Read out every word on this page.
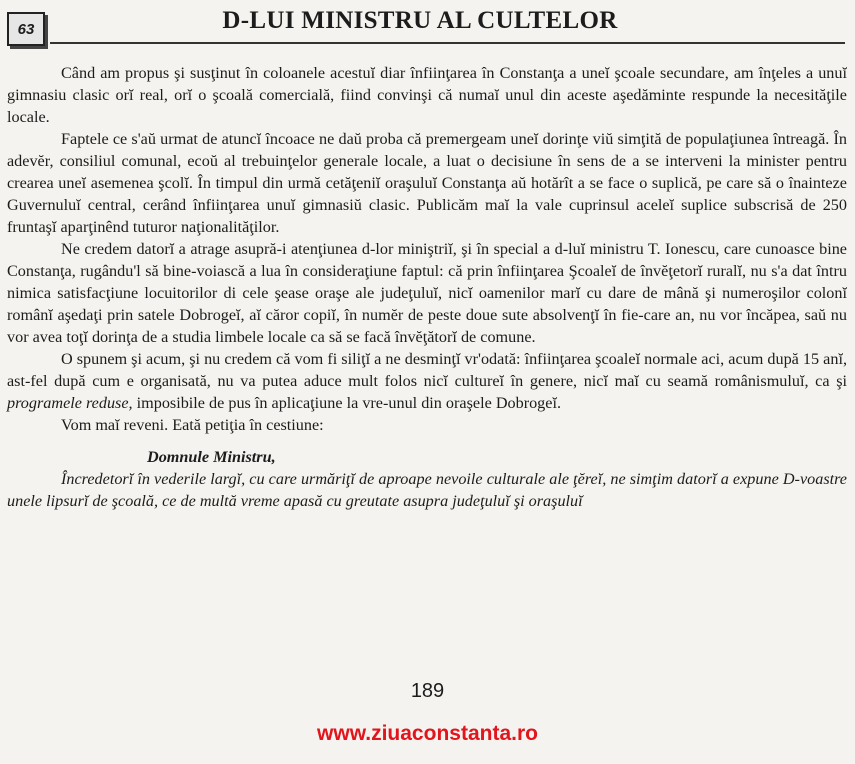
63	D-LUI MINISTRU AL CULTELOR

Când am propus şi susţinut în coloanele acestuĭ diar înfiinţarea în Constanţa a uneĭ şcoale secundare, am înţeles a unuĭ gimnasiu clasic orĭ real, orĭ o şcoală comercială, fiind convinşi că numaĭ unul din aceste aşedăminte respunde la necesităţile locale.

Faptele ce s'aŭ urmat de atuncĭ încoace ne daŭ proba că premergeam uneĭ dorinţe viŭ simţită de populaţiunea întreagă. În adevĕr, consiliul comunal, ecoŭ al trebuinţelor generale locale, a luat o decisiune în sens de a se interveni la minister pentru crearea uneĭ asemenea şcolĭ. În timpul din urmă cetăţeniĭ oraşuluĭ Constanţa aŭ hotărît a se face o suplică, pe care să o înainteze Guvernuluĭ central, cerând înfiinţarea unuĭ gimnasiŭ clasic. Publicăm maĭ la vale cuprinsul aceleĭ suplice subscrisă de 250 fruntaşĭ aparţinênd tuturor naţionalităţilor.

Ne credem datorĭ a atrage asupră-i atenţiunea d-lor miniştriĭ, şi în special a d-luĭ ministru T. Ionescu, care cunoasce bine Constanţa, rugându'l să bine-voiască a lua în consideraţiune faptul: că prin înfiinţarea Şcoaleĭ de învĕţetorĭ ruralĭ, nu s'a dat întru nimica satisfacţiune locuitorilor di cele şease oraşe ale judeţuluĭ, nicĭ oamenilor marĭ cu dare de mână şi numeroşilor colonĭ românĭ aşedaţi prin satele Dobrogeĭ, aĭ căror copiĭ, în numĕr de peste doue sute absolvenţĭ în fie-care an, nu vor încăpea, saŭ nu vor avea toţĭ dorinţa de a studia limbele locale ca să se facă învĕţătorĭ de comune.

O spunem şi acum, şi nu credem că vom fi siliţĭ a ne desminţĭ vr'odată: înfiinţarea şcoaleĭ normale aci, acum după 15 anĭ, ast-fel după cum e organisată, nu va putea aduce mult folos nicĭ cultureĭ în genere, nicĭ maĭ cu seamă românismuluĭ, ca şi programele reduse, imposibile de pus în aplicaţiune la vre-unul din oraşele Dobrogeĭ.

Vom maĭ reveni. Eată petiţia în cestiune:

Domnule Ministru,

Încredetorĭ în vederile largĭ, cu care urmăriţĭ de aproape nevoile culturale ale ţĕreĭ, ne simţim datorĭ a expune D-voastre unele lipsurĭ de şcoală, ce de multă vreme apasă cu greutate asupra judeţuluĭ şi oraşuluĭ

189
www.ziuaconstanta.ro
